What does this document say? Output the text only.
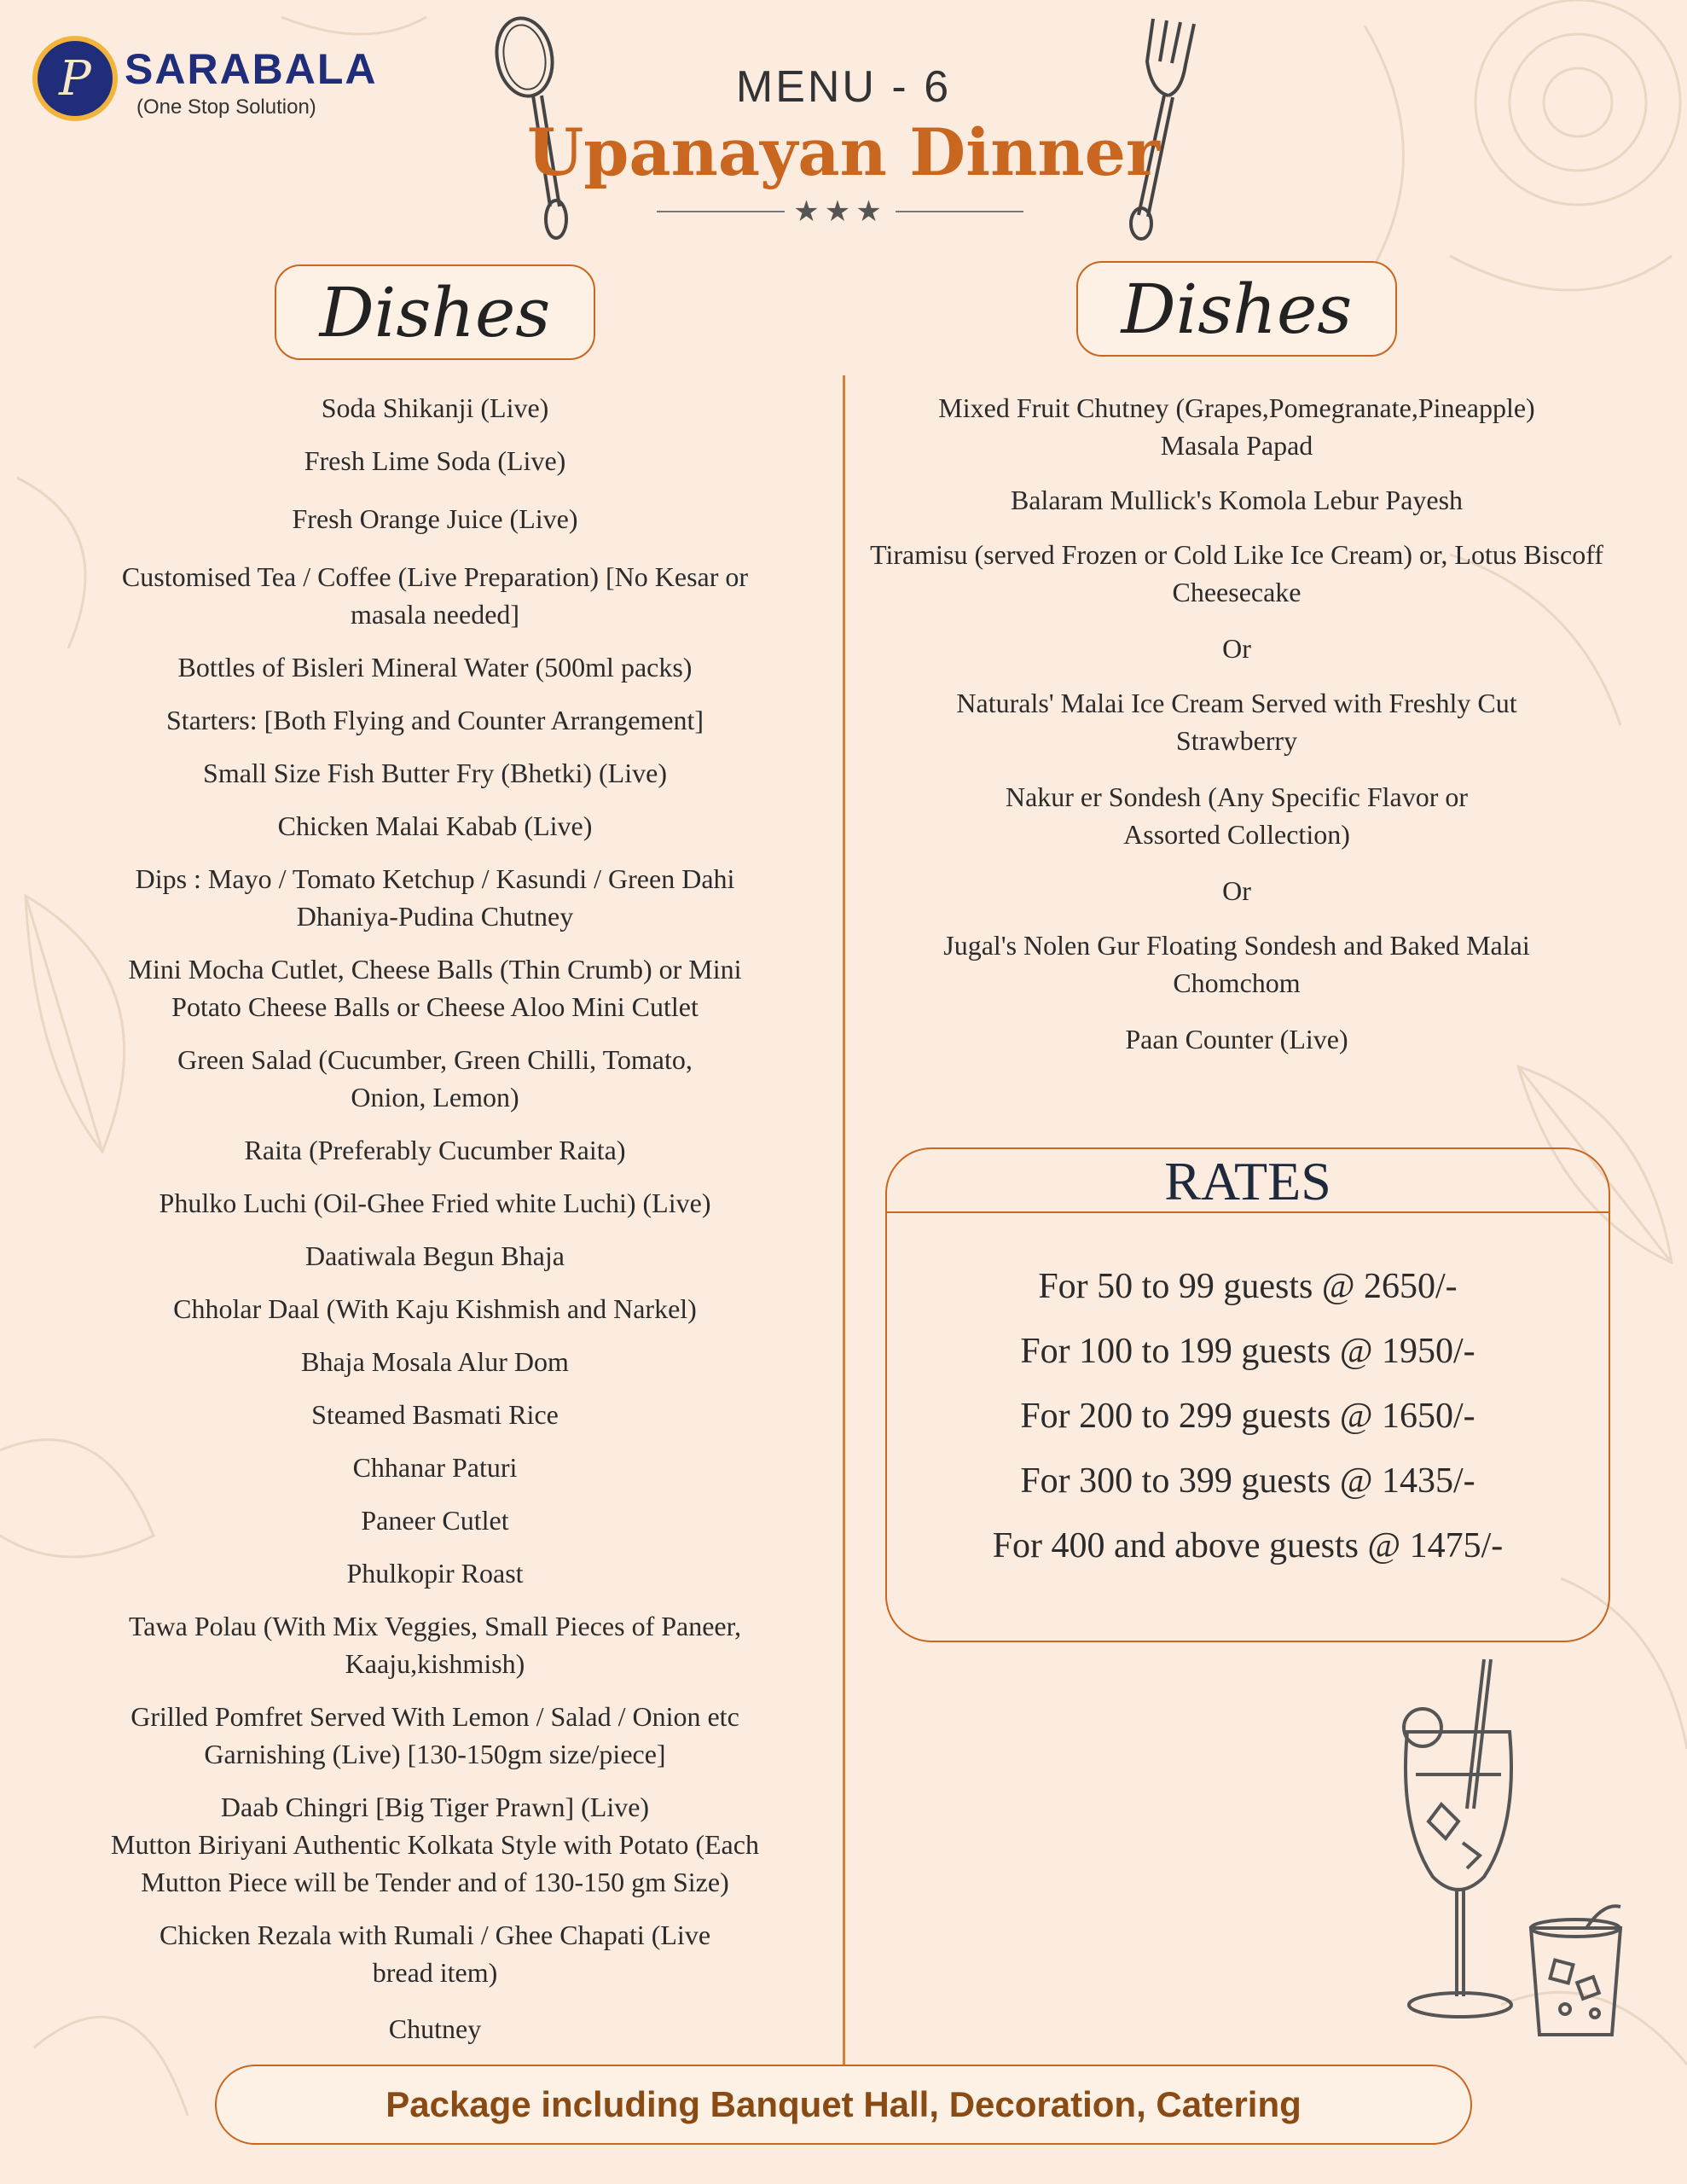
P SARABALA
(One Stop Solution)	MENU - 6
Upanayan Dinner
★★★
Dishes	Dishes
Soda Shikanji (Live)
Fresh Lime Soda (Live)
Fresh Orange Juice (Live)
Customised Tea / Coffee (Live Preparation) [No Kesar or masala needed]
Bottles of Bisleri Mineral Water (500ml packs)
Starters: [Both Flying and Counter Arrangement]
Small Size Fish Butter Fry (Bhetki) (Live)
Chicken Malai Kabab (Live)
Dips : Mayo / Tomato Ketchup / Kasundi / Green Dahi Dhaniya-Pudina Chutney
Mini Mocha Cutlet, Cheese Balls (Thin Crumb) or Mini Potato Cheese Balls or Cheese Aloo Mini Cutlet
Green Salad (Cucumber, Green Chilli, Tomato, Onion, Lemon)
Raita (Preferably Cucumber Raita)
Phulko Luchi (Oil-Ghee Fried white Luchi) (Live)
Daatiwala Begun Bhaja
Chholar Daal (With Kaju Kishmish and Narkel)
Bhaja Mosala Alur Dom
Steamed Basmati Rice
Chhanar Paturi
Paneer Cutlet
Phulkopir Roast
Tawa Polau (With Mix Veggies, Small Pieces of Paneer, Kaaju,kishmish)
Grilled Pomfret Served With Lemon / Salad / Onion etc Garnishing (Live) [130-150gm size/piece]
Daab Chingri [Big Tiger Prawn] (Live)
Mutton Biriyani Authentic Kolkata Style with Potato (Each Mutton Piece will be Tender and of 130-150 gm Size)
Chicken Rezala with Rumali / Ghee Chapati (Live bread item)
Chutney
Mixed Fruit Chutney (Grapes,Pomegranate,Pineapple)
Masala Papad
Balaram Mullick's Komola Lebur Payesh
Tiramisu (served Frozen or Cold Like Ice Cream) or, Lotus Biscoff Cheesecake
Or
Naturals' Malai Ice Cream Served with Freshly Cut Strawberry
Nakur er Sondesh (Any Specific Flavor or Assorted Collection)
Or
Jugal's Nolen Gur Floating Sondesh and Baked Malai Chomchom
Paan Counter (Live)
RATES
For 50 to 99 guests @ 2650/-
For 100 to 199 guests @ 1950/-
For 200 to 299 guests @ 1650/-
For 300 to 399 guests @ 1435/-
For 400 and above guests @ 1475/-
Package including Banquet Hall, Decoration, Catering
